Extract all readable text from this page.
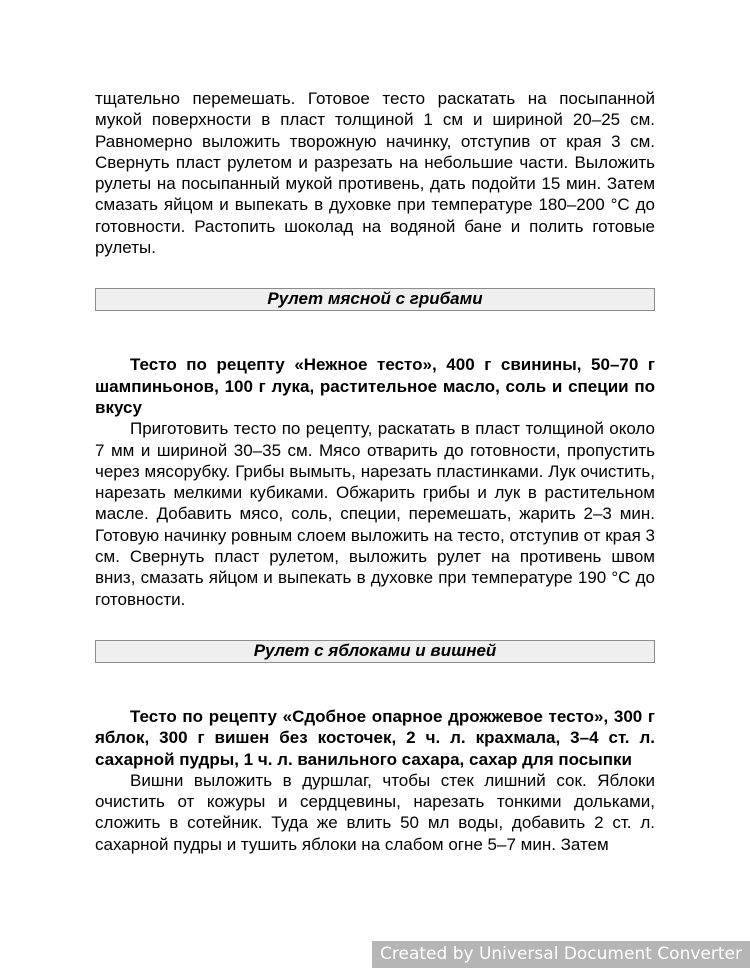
тщательно перемешать. Готовое тесто раскатать на посыпанной мукой поверхности в пласт толщиной 1 см и шириной 20–25 см. Равномерно выложить творожную начинку, отступив от края 3 см. Свернуть пласт рулетом и разрезать на небольшие части. Выложить рулеты на посыпанный мукой противень, дать подойти 15 мин. Затем смазать яйцом и выпекать в духовке при температуре 180–200 °С до готовности. Растопить шоколад на водяной бане и полить готовые рулеты.

Рулет мясной с грибами

Тесто по рецепту «Нежное тесто», 400 г свинины, 50–70 г шампиньонов, 100 г лука, растительное масло, соль и специи по вкусу

Приготовить тесто по рецепту, раскатать в пласт толщиной около 7 мм и шириной 30–35 см. Мясо отварить до готовности, пропустить через мясорубку. Грибы вымыть, нарезать пластинками. Лук очистить, нарезать мелкими кубиками. Обжарить грибы и лук в растительном масле. Добавить мясо, соль, специи, перемешать, жарить 2–3 мин. Готовую начинку ровным слоем выложить на тесто, отступив от края 3 см. Свернуть пласт рулетом, выложить рулет на противень швом вниз, смазать яйцом и выпекать в духовке при температуре 190 °С до готовности.

Рулет с яблоками и вишней

Тесто по рецепту «Сдобное опарное дрожжевое тесто», 300 г яблок, 300 г вишен без косточек, 2 ч. л. крахмала, 3–4 ст. л. сахарной пудры, 1 ч. л. ванильного сахара, сахар для посыпки

Вишни выложить в дуршлаг, чтобы стек лишний сок. Яблоки очистить от кожуры и сердцевины, нарезать тонкими дольками, сложить в сотейник. Туда же влить 50 мл воды, добавить 2 ст. л. сахарной пудры и тушить яблоки на слабом огне 5–7 мин. Затем

Created by Universal Document Converter
